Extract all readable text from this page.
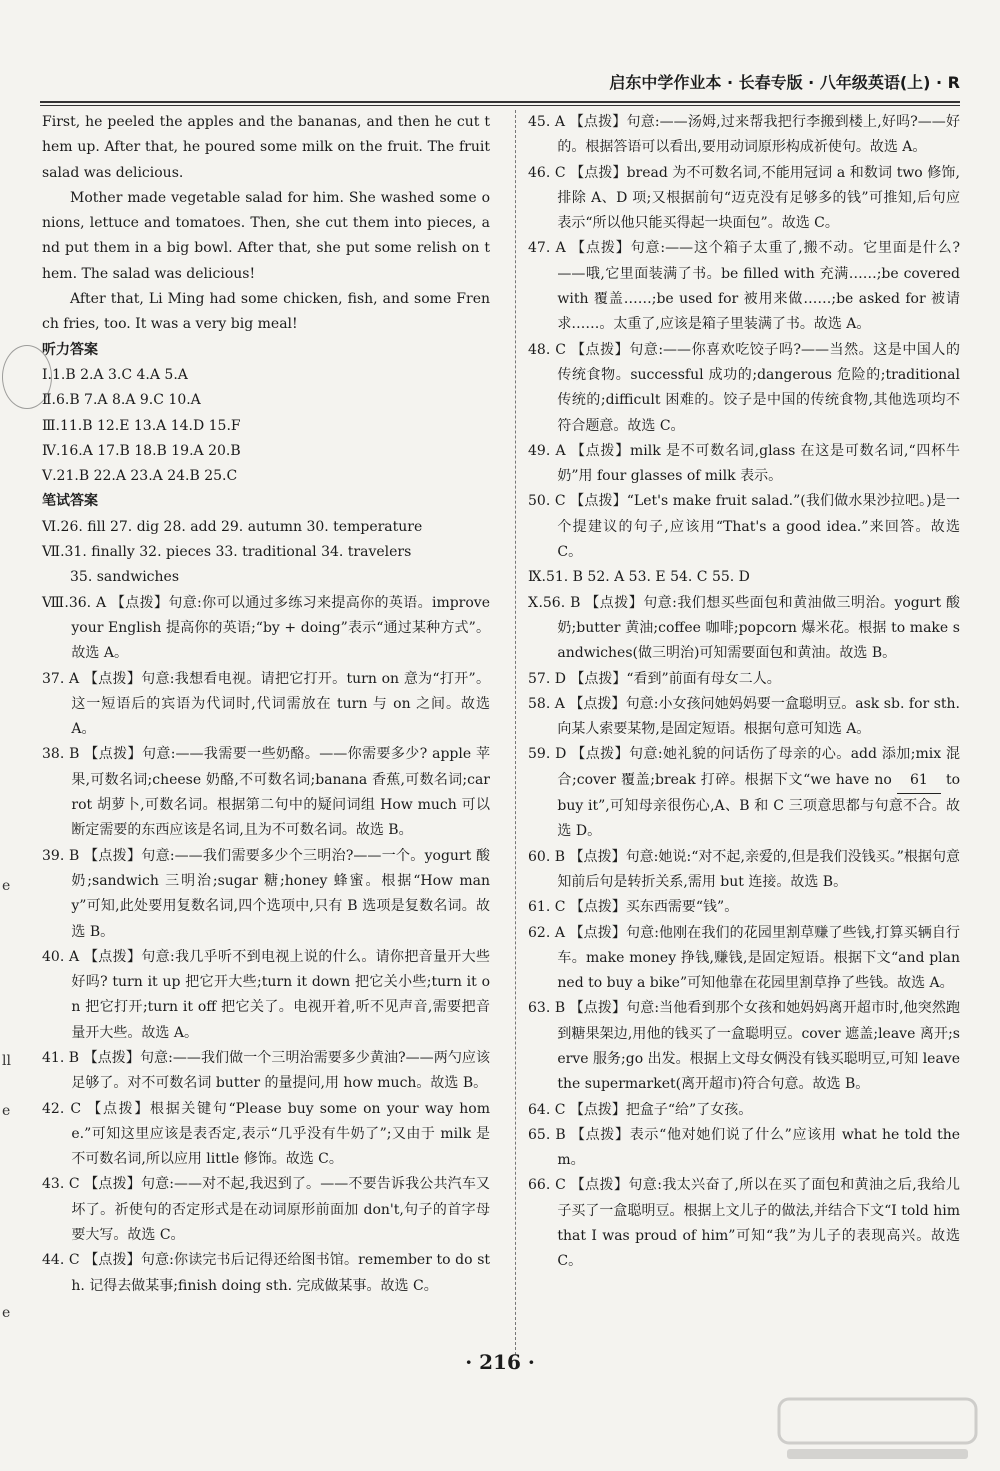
启东中学作业本 · 长春专版 · 八年级英语(上) · R
e
ll
e
e

First, he peeled the apples and the bananas, and then he cut them up. After that, he poured some milk on the fruit. The fruit salad was delicious.

Mother made vegetable salad for him. She washed some onions, lettuce and tomatoes. Then, she cut them into pieces, and put them in a big bowl. After that, she put some relish on them. The salad was delicious!

After that, Li Ming had some chicken, fish, and some French fries, too. It was a very big meal!

听力答案

Ⅰ.1.B 2.A 3.C 4.A 5.A

Ⅱ.6.B 7.A 8.A 9.C 10.A

Ⅲ.11.B 12.E 13.A 14.D 15.F

Ⅳ.16.A 17.B 18.B 19.A 20.B

Ⅴ.21.B 22.A 23.A 24.B 25.C

笔试答案

Ⅵ.26. fill 27. dig 28. add 29. autumn 30. temperature

Ⅶ.31. finally 32. pieces 33. traditional 34. travelers

35. sandwiches

Ⅷ.36. A 【点拨】句意:你可以通过多练习来提高你的英语。improve your English 提高你的英语;“by + doing”表示“通过某种方式”。故选 A。

37. A 【点拨】句意:我想看电视。请把它打开。turn on 意为“打开”。这一短语后的宾语为代词时,代词需放在 turn 与 on 之间。故选 A。

38. B 【点拨】句意:——我需要一些奶酪。——你需要多少? apple 苹果,可数名词;cheese 奶酪,不可数名词;banana 香蕉,可数名词;carrot 胡萝卜,可数名词。根据第二句中的疑问词组 How much 可以断定需要的东西应该是名词,且为不可数名词。故选 B。

39. B 【点拨】句意:——我们需要多少个三明治?——一个。yogurt 酸奶;sandwich 三明治;sugar 糖;honey 蜂蜜。根据“How many”可知,此处要用复数名词,四个选项中,只有 B 选项是复数名词。故选 B。

40. A 【点拨】句意:我几乎听不到电视上说的什么。请你把音量开大些好吗? turn it up 把它开大些;turn it down 把它关小些;turn it on 把它打开;turn it off 把它关了。电视开着,听不见声音,需要把音量开大些。故选 A。

41. B 【点拨】句意:——我们做一个三明治需要多少黄油?——两勺应该足够了。对不可数名词 butter 的量提问,用 how much。故选 B。

42. C 【点拨】根据关键句“Please buy some on your way home.”可知这里应该是表否定,表示“几乎没有牛奶了”;又由于 milk 是不可数名词,所以应用 little 修饰。故选 C。

43. C 【点拨】句意:——对不起,我迟到了。——不要告诉我公共汽车又坏了。祈使句的否定形式是在动词原形前面加 don't,句子的首字母要大写。故选 C。

44. C 【点拨】句意:你读完书后记得还给图书馆。remember to do sth. 记得去做某事;finish doing sth. 完成做某事。故选 C。

45. A 【点拨】句意:——汤姆,过来帮我把行李搬到楼上,好吗?——好的。根据答语可以看出,要用动词原形构成祈使句。故选 A。

46. C 【点拨】bread 为不可数名词,不能用冠词 a 和数词 two 修饰,排除 A、D 项;又根据前句“迈克没有足够多的钱”可推知,后句应表示“所以他只能买得起一块面包”。故选 C。

47. A 【点拨】句意:——这个箱子太重了,搬不动。它里面是什么?——哦,它里面装满了书。be filled with 充满……;be covered with 覆盖……;be used for 被用来做……;be asked for 被请求……。太重了,应该是箱子里装满了书。故选 A。

48. C 【点拨】句意:——你喜欢吃饺子吗?——当然。这是中国人的传统食物。successful 成功的;dangerous 危险的;traditional 传统的;difficult 困难的。饺子是中国的传统食物,其他选项均不符合题意。故选 C。

49. A 【点拨】milk 是不可数名词,glass 在这是可数名词,“四杯牛奶”用 four glasses of milk 表示。

50. C 【点拨】“Let's make fruit salad.”(我们做水果沙拉吧。)是一个提建议的句子,应该用“That's a good idea.”来回答。故选 C。

Ⅸ.51. B 52. A 53. E 54. C 55. D

Ⅹ.56. B 【点拨】句意:我们想买些面包和黄油做三明治。yogurt 酸奶;butter 黄油;coffee 咖啡;popcorn 爆米花。根据 to make sandwiches(做三明治)可知需要面包和黄油。故选 B。

57. D 【点拨】“看到”前面有母女二人。

58. A 【点拨】句意:小女孩问她妈妈要一盒聪明豆。ask sb. for sth. 向某人索要某物,是固定短语。根据句意可知选 A。

59. D 【点拨】句意:她礼貌的问话伤了母亲的心。add 添加;mix 混合;cover 覆盖;break 打碎。根据下文“we have no 61 to buy it”,可知母亲很伤心,A、B 和 C 三项意思都与句意不合。故选 D。

60. B 【点拨】句意:她说:“对不起,亲爱的,但是我们没钱买。”根据句意知前后句是转折关系,需用 but 连接。故选 B。

61. C 【点拨】买东西需要“钱”。

62. A 【点拨】句意:他刚在我们的花园里割草赚了些钱,打算买辆自行车。make money 挣钱,赚钱,是固定短语。根据下文“and planned to buy a bike”可知他靠在花园里割草挣了些钱。故选 A。

63. B 【点拨】句意:当他看到那个女孩和她妈妈离开超市时,他突然跑到糖果架边,用他的钱买了一盒聪明豆。cover 遮盖;leave 离开;serve 服务;go 出发。根据上文母女俩没有钱买聪明豆,可知 leave the supermarket(离开超市)符合句意。故选 B。

64. C 【点拨】把盒子“给”了女孩。

65. B 【点拨】表示“他对她们说了什么”应该用 what he told them。

66. C 【点拨】句意:我太兴奋了,所以在买了面包和黄油之后,我给儿子买了一盒聪明豆。根据上文儿子的做法,并结合下文“I told him that I was proud of him”可知“我”为儿子的表现高兴。故选 C。

· 216 ·
